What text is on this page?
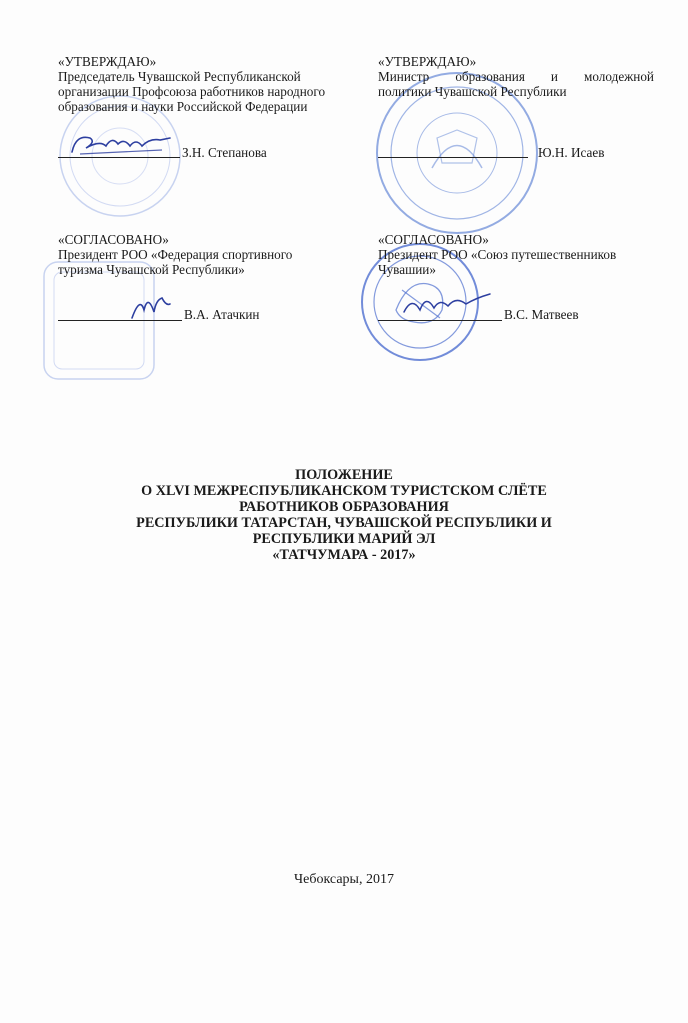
«УТВЕРЖДАЮ»
Председатель Чувашской Республиканской
организации Профсоюза работников народного
образования и науки Российской Федерации
З.Н. Степанова
«УТВЕРЖДАЮ»
Министр образования и молодежной
политики Чувашской Республики
Ю.Н. Исаев
«СОГЛАСОВАНО»
Президент РОО «Федерация спортивного
туризма Чувашской Республики»
В.А. Атачкин
«СОГЛАСОВАНО»
Президент РОО «Союз путешественников
Чувашии»
В.С. Матвеев
ПОЛОЖЕНИЕ
О XLVI МЕЖРЕСПУБЛИКАНСКОМ ТУРИСТСКОМ СЛЁТЕ
РАБОТНИКОВ ОБРАЗОВАНИЯ
РЕСПУБЛИКИ ТАТАРСТАН, ЧУВАШСКОЙ РЕСПУБЛИКИ И
РЕСПУБЛИКИ МАРИЙ ЭЛ
«ТАТЧУМАРА - 2017»
Чебоксары, 2017
